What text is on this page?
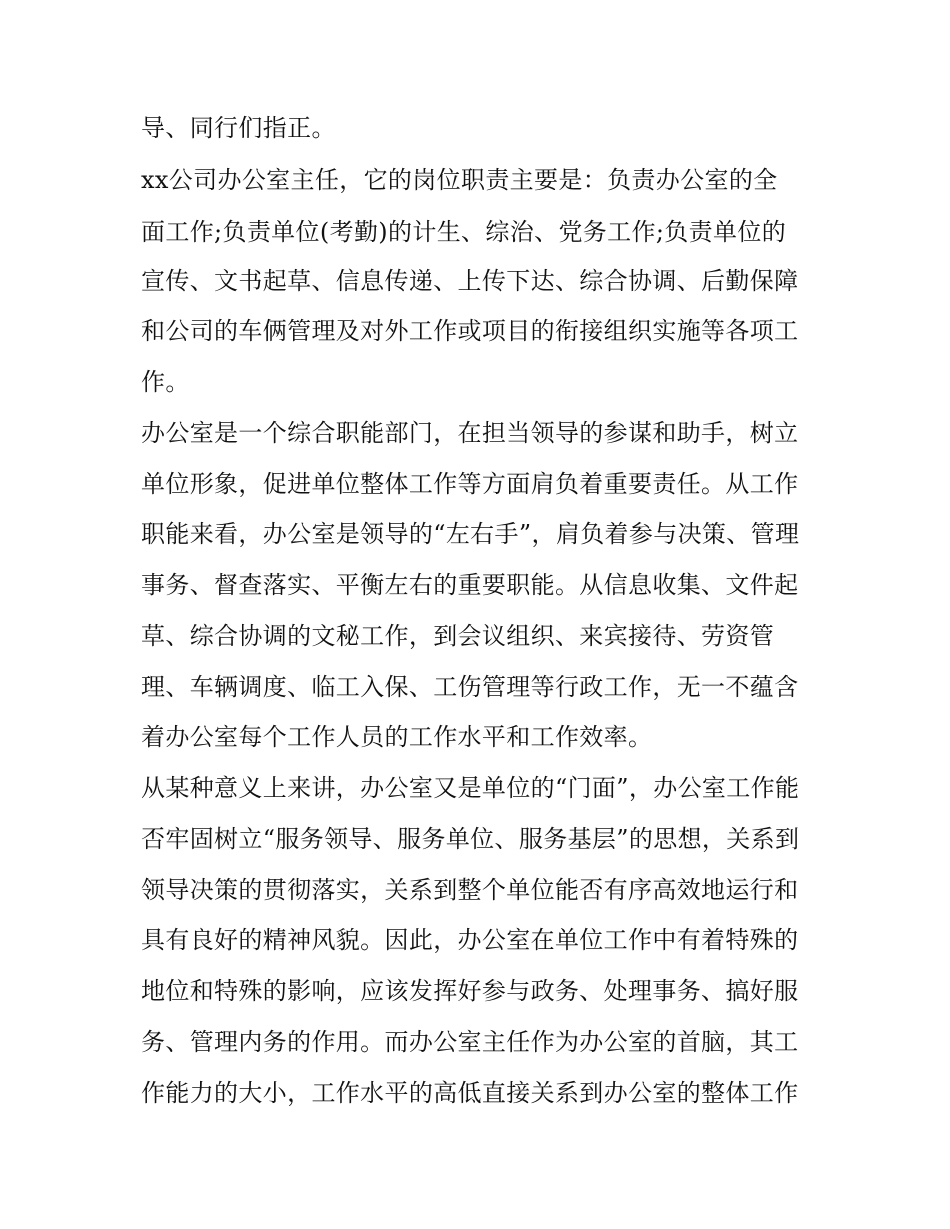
导、同行们指正。
xx公司办公室主任，它的岗位职责主要是：负责办公室的全
面工作;负责单位(考勤)的计生、综治、党务工作;负责单位的
宣传、文书起草、信息传递、上传下达、综合协调、后勤保障
和公司的车俩管理及对外工作或项目的衔接组织实施等各项工
作。
办公室是一个综合职能部门，在担当领导的参谋和助手，树立
单位形象，促进单位整体工作等方面肩负着重要责任。从工作
职能来看，办公室是领导的“左右手”，肩负着参与决策、管理
事务、督查落实、平衡左右的重要职能。从信息收集、文件起
草、综合协调的文秘工作，到会议组织、来宾接待、劳资管
理、车辆调度、临工入保、工伤管理等行政工作，无一不蕴含
着办公室每个工作人员的工作水平和工作效率。
从某种意义上来讲，办公室又是单位的“门面”，办公室工作能
否牢固树立“服务领导、服务单位、服务基层”的思想，关系到
领导决策的贯彻落实，关系到整个单位能否有序高效地运行和
具有良好的精神风貌。因此，办公室在单位工作中有着特殊的
地位和特殊的影响，应该发挥好参与政务、处理事务、搞好服
务、管理内务的作用。而办公室主任作为办公室的首脑，其工
作能力的大小，工作水平的高低直接关系到办公室的整体工作
